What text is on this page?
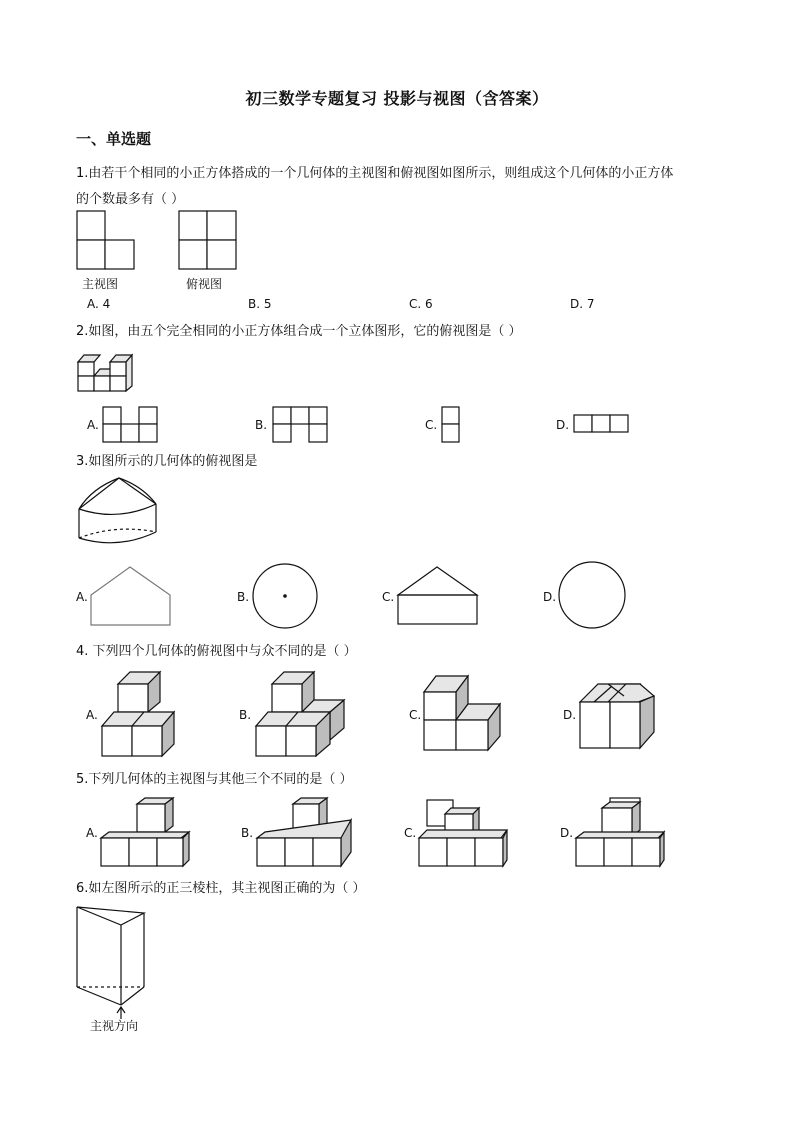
初三数学专题复习 投影与视图（含答案）
一、单选题
1.由若干个相同的小正方体搭成的一个几何体的主视图和俯视图如图所示，则组成这个几何体的小正方体
的个数最多有（ ）
主视图	俯视图
A. 4	B. 5	C. 6	D. 7
2.如图，由五个完全相同的小正方体组合成一个立体图形，它的俯视图是（ ）
A.	B.	C.	D.
3.如图所示的几何体的俯视图是
A.	B.	C.	D.
4. 下列四个几何体的俯视图中与众不同的是（ ）
A.	B.	C.	D.
5.下列几何体的主视图与其他三个不同的是（ ）
A.	B.	C.	D.
6.如左图所示的正三棱柱，其主视图正确的为（ ）
主视方向
